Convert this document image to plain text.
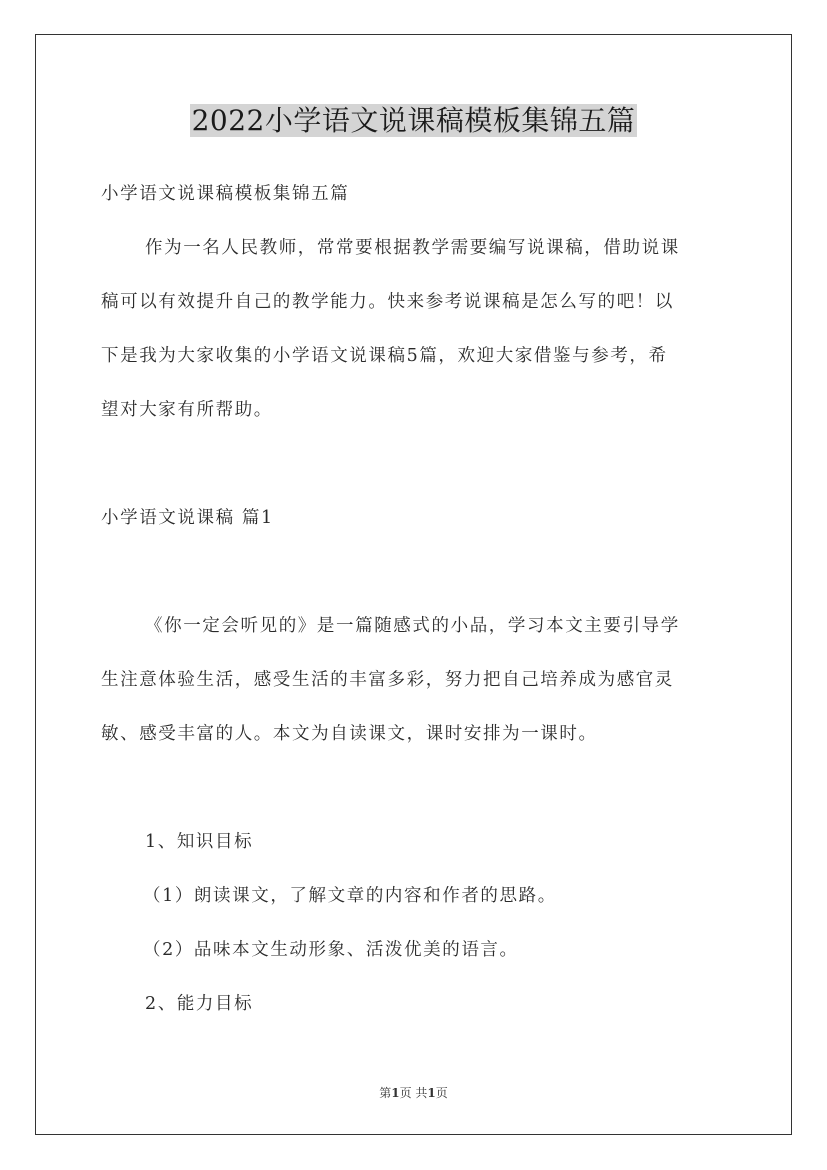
2022小学语文说课稿模板集锦五篇
小学语文说课稿模板集锦五篇
作为一名人民教师，常常要根据教学需要编写说课稿，借助说课
稿可以有效提升自己的教学能力。快来参考说课稿是怎么写的吧！以
下是我为大家收集的小学语文说课稿5篇，欢迎大家借鉴与参考，希
望对大家有所帮助。
小学语文说课稿 篇1
《你一定会听见的》是一篇随感式的小品，学习本文主要引导学
生注意体验生活，感受生活的丰富多彩，努力把自己培养成为感官灵
敏、感受丰富的人。本文为自读课文，课时安排为一课时。
1、知识目标
（1）朗读课文，了解文章的内容和作者的思路。
（2）品味本文生动形象、活泼优美的语言。
2、能力目标
第1页 共1页
